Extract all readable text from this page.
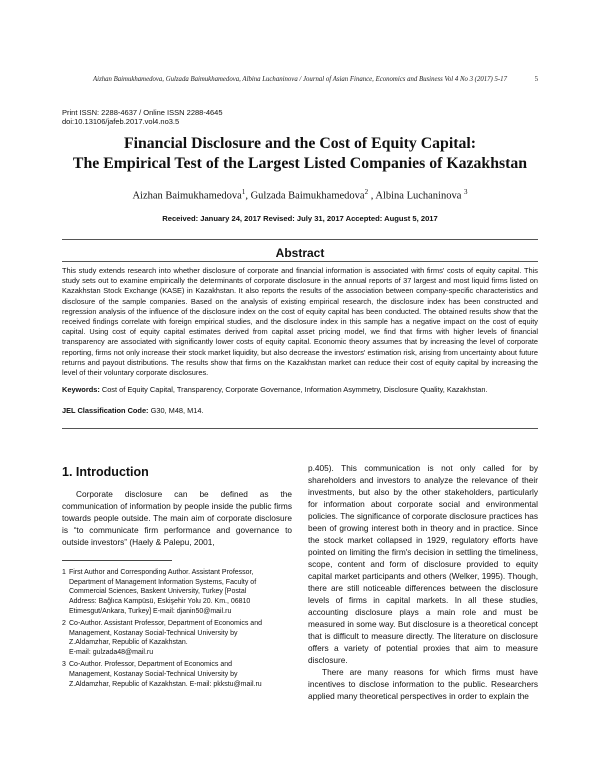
Aizhan Baimukhamedova, Gulzada Baimukhamedova, Albina Luchaninova / Journal of Asian Finance, Economics and Business Vol 4 No 3 (2017) 5-17	5
Print ISSN: 2288-4637 / Online ISSN 2288-4645
doi:10.13106/jafeb.2017.vol4.no3.5
Financial Disclosure and the Cost of Equity Capital:
The Empirical Test of the Largest Listed Companies of Kazakhstan
Aizhan Baimukhamedova$^1$, Gulzada Baimukhamedova$^2$ , Albina Luchaninova $^3$
Received: January 24, 2017 Revised: July 31, 2017 Accepted: August 5, 2017
Abstract
This study extends research into whether disclosure of corporate and financial information is associated with firms' costs of equity capital. This study sets out to examine empirically the determinants of corporate disclosure in the annual reports of 37 largest and most liquid firms listed on Kazakhstan Stock Exchange (KASE) in Kazakhstan. It also reports the results of the association between company-specific characteristics and disclosure of the sample companies. Based on the analysis of existing empirical research, the disclosure index has been constructed and regression analysis of the influence of the disclosure index on the cost of equity capital has been conducted. The obtained results show that the received findings correlate with foreign empirical studies, and the disclosure index in this sample has a negative impact on the cost of equity capital. Using cost of equity capital estimates derived from capital asset pricing model, we find that firms with higher levels of financial transparency are associated with significantly lower costs of equity capital. Economic theory assumes that by increasing the level of corporate reporting, firms not only increase their stock market liquidity, but also decrease the investors' estimation risk, arising from uncertainty about future returns and payout distributions. The results show that firms on the Kazakhstan market can reduce their cost of equity capital by increasing the level of their voluntary corporate disclosures.
Keywords: Cost of Equity Capital, Transparency, Corporate Governance, Information Asymmetry, Disclosure Quality, Kazakhstan.
JEL Classification Code: G30, M48, M14.
1. Introduction

Corporate disclosure can be defined as the communication of information by people inside the public firms towards people outside. The main aim of corporate disclosure is “to communicate firm performance and governance to outside investors” (Haely & Palepu, 2001,

1 First Author and Corresponding Author. Assistant Professor,
Department of Management Information Systems, Faculty of
Commercial Sciences, Baskent University, Turkey [Postal
Address: Bağlıca Kampüsü, Eskişehir Yolu 20. Km., 06810
Etimesgut/Ankara, Turkey] E-mail: djanin50@mail.ru
2 Co-Author. Assistant Professor, Department of Economics and
Management, Kostanay Social-Technical University by
Z.Aldamzhar, Republic of Kazakhstan.
E-mail: gulzada48@mail.ru
3 Co-Author. Professor, Department of Economics and
Management, Kostanay Social-Technical University by
Z.Aldamzhar, Republic of Kazakhstan. E-mail: pkkstu@mail.ru

p.405). This communication is not only called for by shareholders and investors to analyze the relevance of their investments, but also by the other stakeholders, particularly for information about corporate social and environmental policies. The significance of corporate disclosure practices has been of growing interest both in theory and in practice. Since the stock market collapsed in 1929, regulatory efforts have pointed on limiting the firm's decision in settling the timeliness, scope, content and form of disclosure provided to equity capital market participants and others (Welker, 1995). Though, there are still noticeable differences between the disclosure levels of firms in capital markets. In all these studies, accounting disclosure plays a main role and must be measured in some way. But disclosure is a theoretical concept that is difficult to measure directly. The literature on disclosure offers a variety of potential proxies that aim to measure disclosure.

There are many reasons for which firms must have incentives to disclose information to the public. Researchers applied many theoretical perspectives in order to explain the
